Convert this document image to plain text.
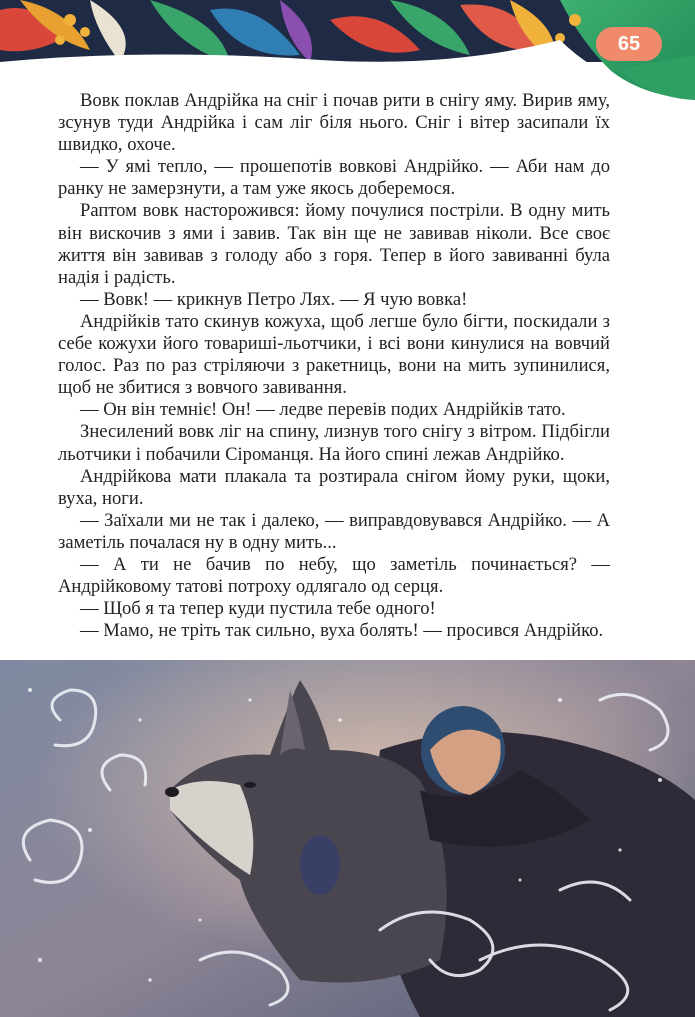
65

Вовк поклав Андрійка на сніг і почав рити в снігу яму. Вирив яму, зсунув туди Андрійка і сам ліг біля нього. Сніг і вітер засипали їх швидко, охоче.

— У ямі тепло, — прошепотів вовкові Андрійко. — Аби нам до ранку не замерзнути, а там уже якось доберемося.

Раптом вовк насторожився: йому почулися постріли. В одну мить він вискочив з ями і завив. Так він ще не завивав ніколи. Все своє життя він завивав з голоду або з горя. Тепер в його завиванні була надія і радість.

— Вовк! — крикнув Петро Лях. — Я чую вовка!

Андрійків тато скинув кожуха, щоб легше було бігти, поскидали з себе кожухи його товариші-льотчики, і всі вони кинулися на вовчий голос. Раз по раз стріляючи з ракетниць, вони на мить зупинилися, щоб не збитися з вовчого завивання.

— Он він темніє! Он! — ледве перевів подих Андрійків тато.

Знесилений вовк ліг на спину, лизнув того снігу з вітром. Підбігли льотчики і побачили Сіроманця. На його спині лежав Андрійко.

Андрійкова мати плакала та розтирала снігом йому руки, щоки, вуха, ноги.

— Заїхали ми не так і далеко, — виправдовувався Андрійко. — А заметіль почалася ну в одну мить...

— А ти не бачив по небу, що заметіль починається? — Андрійковому татові потроху одлягало од серця.

— Щоб я та тепер куди пустила тебе одного!

— Мамо, не тріть так сильно, вуха болять! — просився Андрійко.
